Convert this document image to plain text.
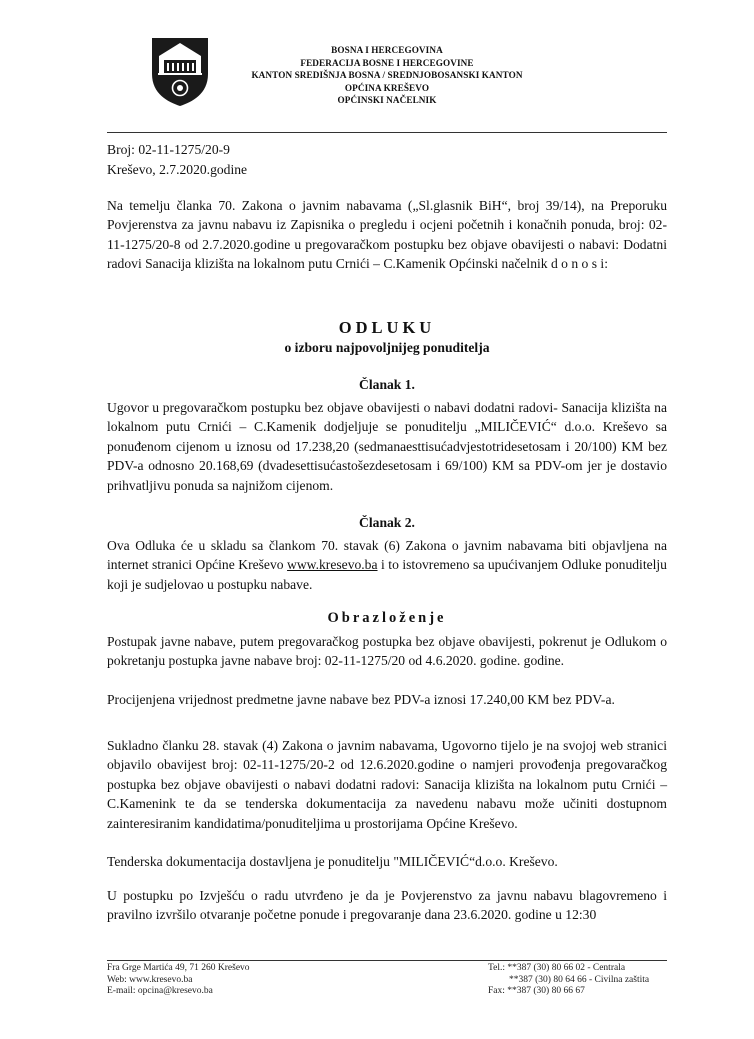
BOSNA I HERCEGOVINA
FEDERACIJA BOSNE I HERCEGOVINE
KANTON SREDIŠNJA BOSNA / SREDNJOBOSANSKI KANTON
OPĆINA KREŠEVO
OPĆINSKI NAČELNIK
Broj: 02-11-1275/20-9
Kreševo, 2.7.2020.godine
Na temelju članka 70. Zakona o javnim nabavama („Sl.glasnik BiH“, broj 39/14), na Preporuku Povjerenstva za javnu nabavu iz Zapisnika o pregledu i ocjeni početnih i konačnih ponuda, broj: 02-11-1275/20-8 od 2.7.2020.godine u pregovaračkom postupku bez objave obavijesti o nabavi: Dodatni radovi Sanacija klizišta na lokalnom putu Crnići – C.Kamenik Općinski načelnik d o n o s i:
ODLUKU
o izboru najpovoljnijeg ponuditelja
Članak 1.
Ugovor u pregovaračkom postupku bez objave obavijesti o nabavi dodatni radovi- Sanacija klizišta na lokalnom putu Crnići – C.Kamenik dodjeljuje se ponuditelju „MILIČEVIĆ“ d.o.o. Kreševo sa ponuđenom cijenom u iznosu od 17.238,20 (sedmanaesttisućadvjestotridesetosam i 20/100) KM bez PDV-a odnosno 20.168,69 (dvadesettisućastošezdesetosam i 69/100) KM sa PDV-om jer je dostavio prihvatljivu ponuda sa najnižom cijenom.
Članak 2.
Ova Odluka će u skladu sa člankom 70. stavak (6) Zakona o javnim nabavama biti objavljena na internet stranici Općine Kreševo www.kresevo.ba i to istovremeno sa upućivanjem Odluke ponuditelju koji je sudjelovao u postupku nabave.
Obrazloženje
Postupak javne nabave, putem pregovaračkog postupka bez objave obavijesti, pokrenut je Odlukom o pokretanju postupka javne nabave broj: 02-11-1275/20 od 4.6.2020. godine. godine.
Procijenjena vrijednost predmetne javne nabave bez PDV-a iznosi 17.240,00 KM bez PDV-a.
Sukladno članku 28. stavak (4) Zakona o javnim nabavama, Ugovorno tijelo je na svojoj web stranici objavilo obavijest broj: 02-11-1275/20-2 od 12.6.2020.godine o namjeri provođenja pregovaračkog postupka bez objave obavijesti o nabavi dodatni radovi: Sanacija klizišta na lokalnom putu Crnići – C.Kamenink te da se tenderska dokumentacija za navedenu nabavu može učiniti dostupnom zainteresiranim kandidatima/ponuditeljima u prostorijama Općine Kreševo.
Tenderska dokumentacija dostavljena je ponuditelju "MILIČEVIĆ“d.o.o. Kreševo.
U postupku po Izvješću o radu utvrđeno je da je Povjerenstvo za javnu nabavu blagovremeno i pravilno izvršilo otvaranje početne ponude i pregovaranje dana 23.6.2020. godine u 12:30
Fra Grge Martića 49, 71 260 Kreševo
Web: www.kresevo.ba
E-mail: opcina@kresevo.ba
Tel.: **387 (30) 80 66 02 - Centrala
**387 (30) 80 64 66 - Civilna zaštita
Fax: **387 (30) 80 66 67
